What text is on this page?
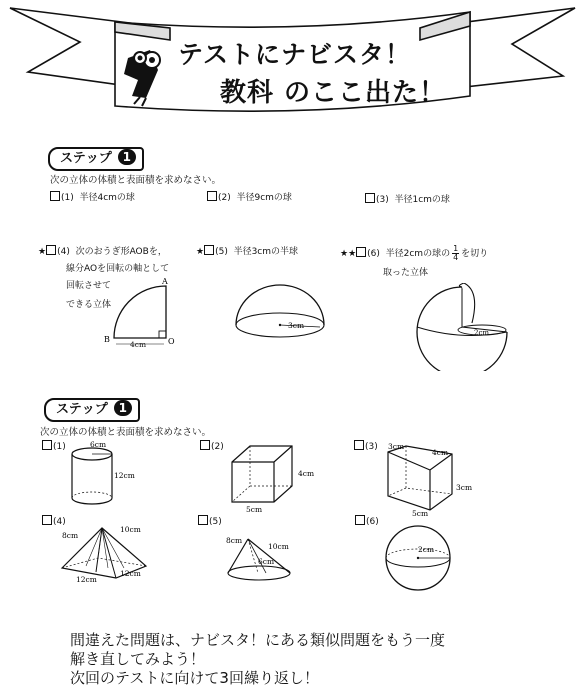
テストにナビスタ！
教科 のここ出た！
ステップ 1
次の立体の体積と表面積を求めなさい。
(1) 半径4cmの球	(2) 半径9cmの球	(3) 半径1cmの球
★ (4) 次のおうぎ形AOBを，
線分AOを回転の軸として
回転させて
できる立体
★ (5) 半径3cmの半球	★★ (6) 半径2cmの球の $\frac{1}{4}$ を切り
取った立体
A
B	O
4cm
3cm
2cm
ステップ 1
次の立体の体積と表面積を求めなさい。
(1)	(2)	(3)
(4)	(5)	(6)
6cm
12cm	4cm
5cm
3cm
4cm
3cm
5cm
8cm
10cm
12cm
12cm
8cm
10cm
6cm
2cm
間違えた問題は、ナビスタ！にある類似問題をもう一度
解き直してみよう！
次回のテストに向けて3回繰り返し！
